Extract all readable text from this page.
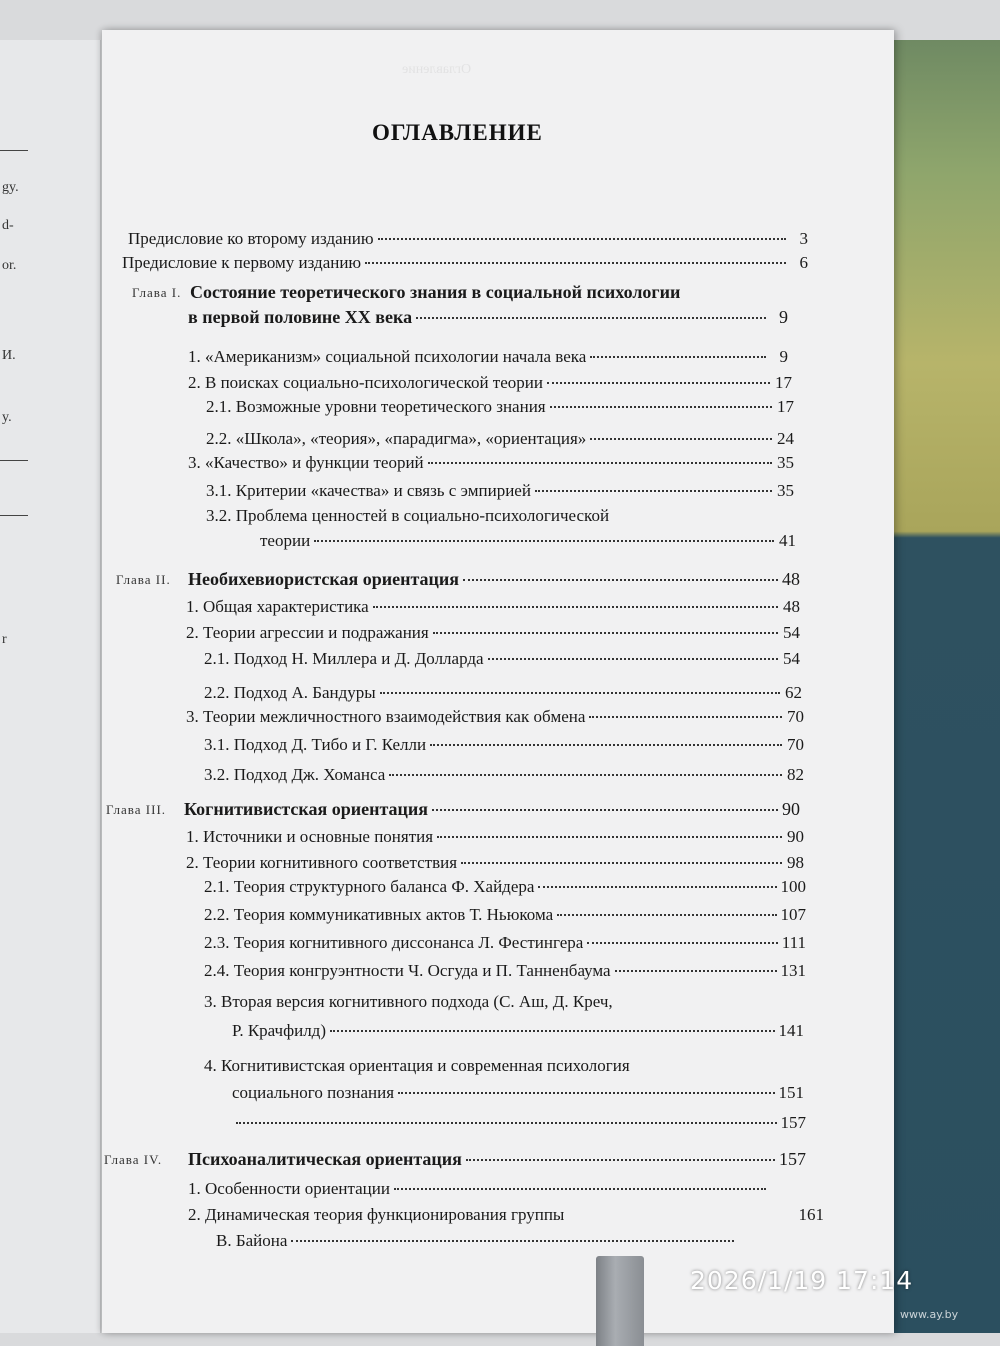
gy.
d-
or.
И.
y.
r
Оглавление
ОГЛАВЛЕНИЕ
Предисловие ко второму изданию	3
Предисловие к первому изданию	6
Глава I. Состояние теоретического знания в социальной психологии
в первой половине XX века	9
1. «Американизм» социальной психологии начала века	9
2. В поисках социально-психологической теории	17
2.1. Возможные уровни теоретического знания	17
2.2. «Школа», «теория», «парадигма», «ориентация»	24
3. «Качество» и функции теорий	35
3.1. Критерии «качества» и связь с эмпирией	35
3.2. Проблема ценностей в социально-психологической
теории	41
Глава II. Необихевиористская ориентация	48
1. Общая характеристика	48
2. Теории агрессии и подражания	54
2.1. Подход Н. Миллера и Д. Долларда	54
2.2. Подход А. Бандуры	62
3. Теории межличностного взаимодействия как обмена	70
3.1. Подход Д. Тибо и Г. Келли	70
3.2. Подход Дж. Хоманса	82
Глава III. Когнитивистская ориентация	90
1. Источники и основные понятия	90
2. Теории когнитивного соответствия	98
2.1. Теория структурного баланса Ф. Хайдера	100
2.2. Теория коммуникативных актов Т. Ньюкома	107
2.3. Теория когнитивного диссонанса Л. Фестингера	111
2.4. Теория конгруэнтности Ч. Осгуда и П. Танненбаума	131
3. Вторая версия когнитивного подхода (С. Аш, Д. Креч,
Р. Крачфилд)	141
4. Когнитивистская ориентация и современная психология
социального познания	151
157
Глава IV. Психоаналитическая ориентация	157
1. Особенности ориентации
2. Динамическая теория функционирования группы	161
В. Байона
2026/1/19 17:14
www.ay.by
